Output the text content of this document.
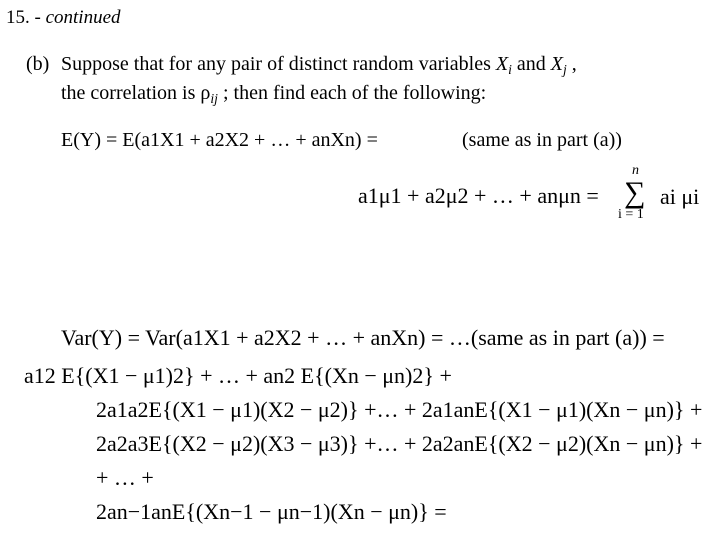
15. - continued
(b) Suppose that for any pair of distinct random variables $X_i$ and $X_j$ ,
the correlation is $\rho_{ij}$ ; then find each of the following:
E(Y) = E(a1X1 + a2X2 + … + anXn) =	(same as in part (a))
a1μ1 + a2μ2 + … + anμn =
n
∑
i = 1
ai μi
Var(Y) = Var(a1X1 + a2X2 + … + anXn) = …(same as in part (a)) =
a12 E{(X1 − μ1)2} + … + an2 E{(Xn − μn)2} +
2a1a2E{(X1 − μ1)(X2 − μ2)} +… + 2a1anE{(X1 − μ1)(Xn − μn)} +
2a2a3E{(X2 − μ2)(X3 − μ3)} +… + 2a2anE{(X2 − μ2)(Xn − μn)} +
+ … +
2an−1anE{(Xn−1 − μn−1)(Xn − μn)} =
